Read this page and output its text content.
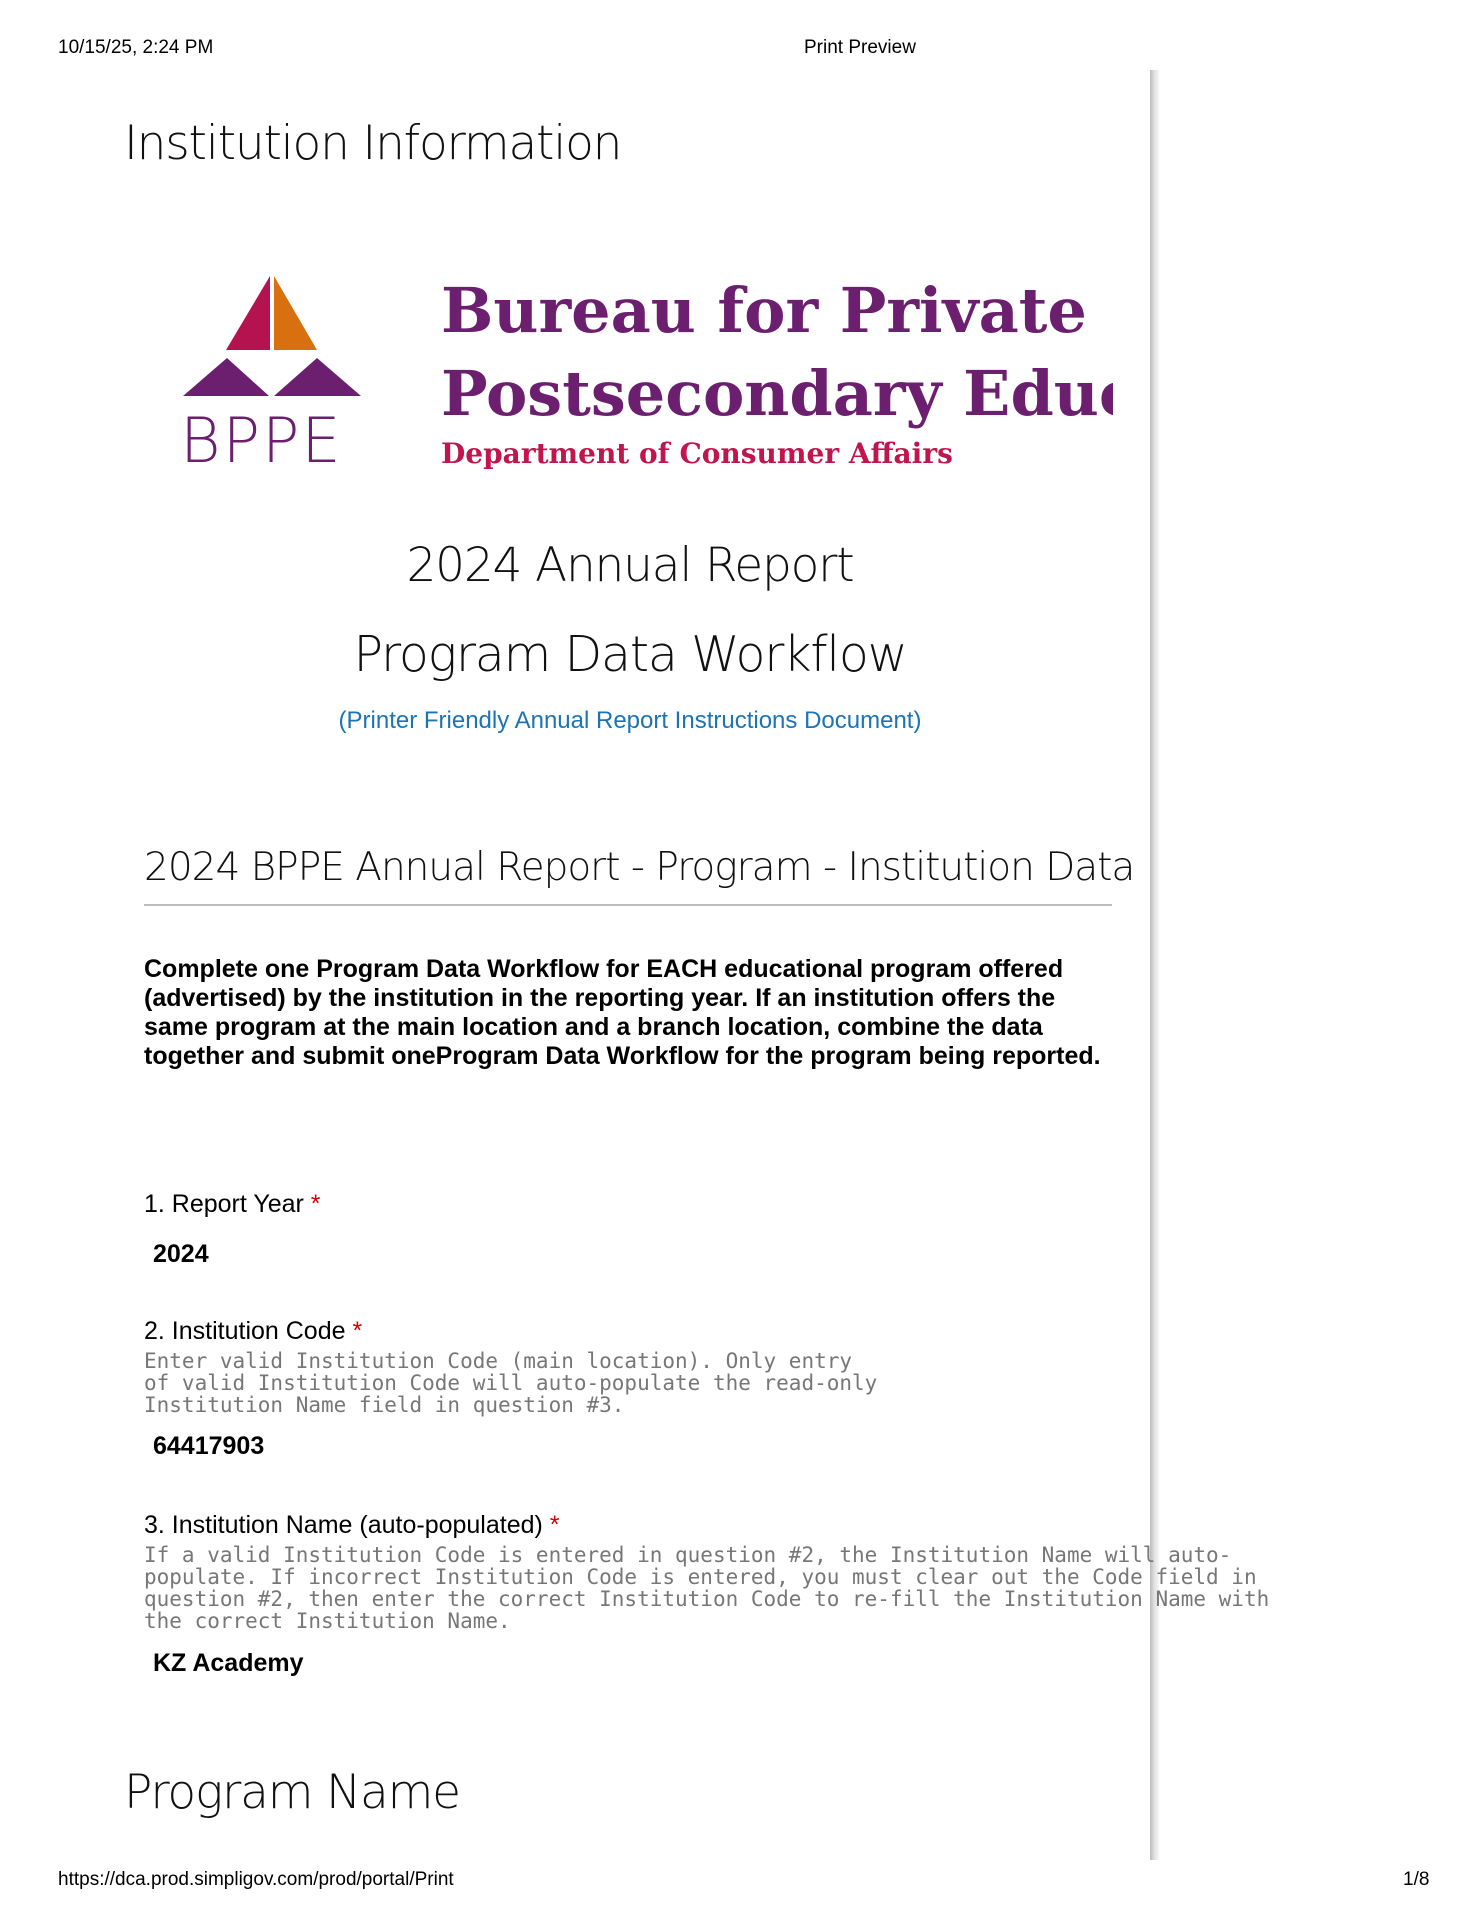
10/15/25, 2:24 PM	Print Preview
Institution Information
BPPE
Bureau for Private
Postsecondary Educ
Department of Consumer Affairs
2024 Annual Report
Program Data Workflow
(Printer Friendly Annual Report Instructions Document)
2024 BPPE Annual Report - Program - Institution Data
Complete one Program Data Workflow for EACH educational program offered (advertised) by the institution in the reporting year. If an institution offers the same program at the main location and a branch location, combine the data together and submit oneProgram Data Workflow for the program being reported.
1. Report Year *
2024
2. Institution Code *
Enter valid Institution Code (main location). Only entry
of valid Institution Code will auto-populate the read-only
Institution Name field in question #3.
64417903
3. Institution Name (auto-populated) *
If a valid Institution Code is entered in question #2, the Institution Name will auto-
populate. If incorrect Institution Code is entered, you must clear out the Code field in
question #2, then enter the correct Institution Code to re-fill the Institution Name with
the correct Institution Name.
KZ Academy
Program Name
https://dca.prod.simpligov.com/prod/portal/Print	1/8
